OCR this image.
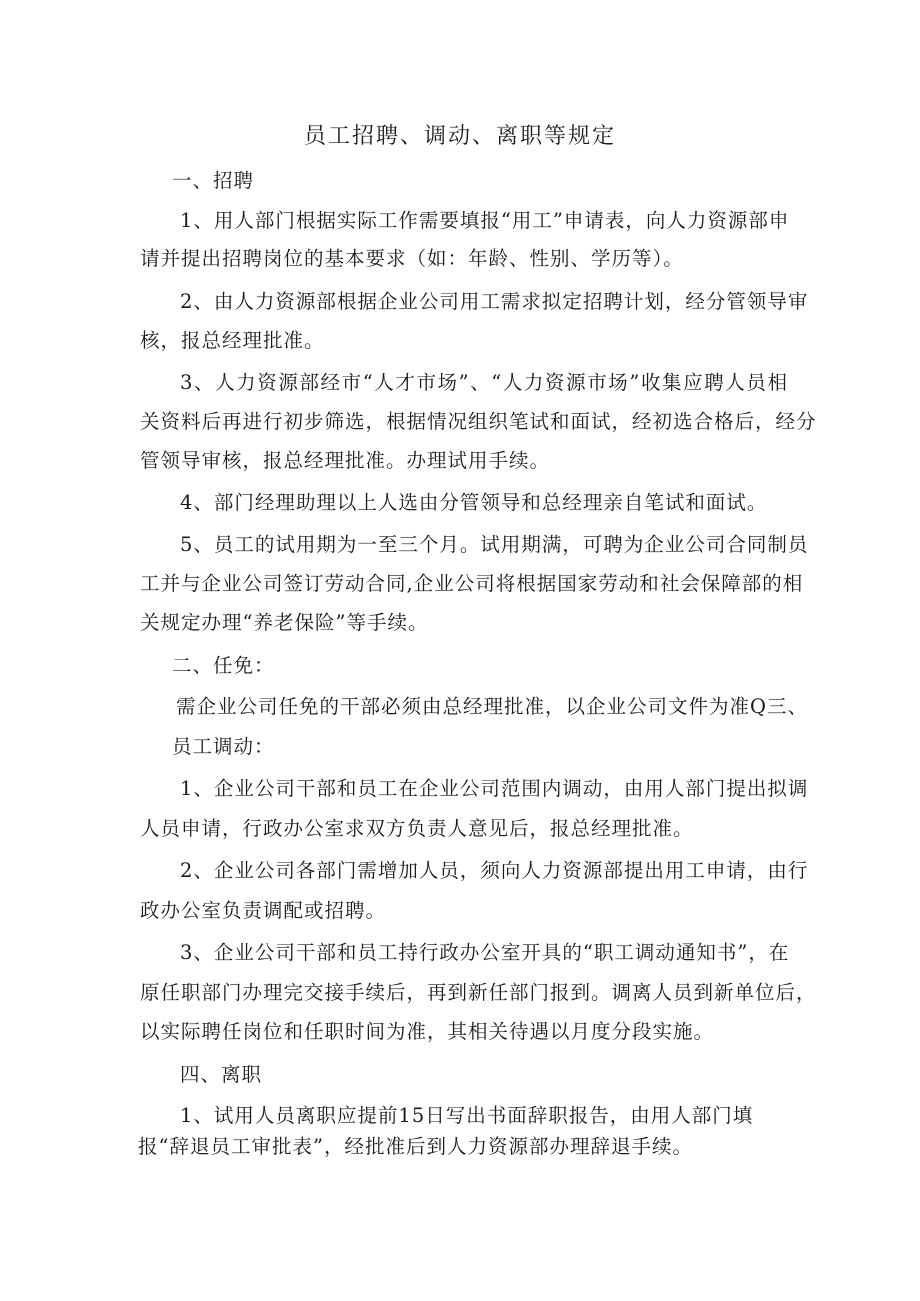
员工招聘、调动、离职等规定
一、招聘
1、用人部门根据实际工作需要填报“用工”申请表，向人力资源部申
请并提出招聘岗位的基本要求（如：年龄、性别、学历等）。
2、由人力资源部根据企业公司用工需求拟定招聘计划，经分管领导审
核，报总经理批准。
3、人力资源部经市“人才市场”、“人力资源市场”收集应聘人员相
关资料后再进行初步筛选，根据情况组织笔试和面试，经初选合格后，经分
管领导审核，报总经理批准。办理试用手续。
4、部门经理助理以上人选由分管领导和总经理亲自笔试和面试。
5、员工的试用期为一至三个月。试用期满，可聘为企业公司合同制员
工并与企业公司签订劳动合同,企业公司将根据国家劳动和社会保障部的相
关规定办理“养老保险”等手续。
二、任免：
需企业公司任免的干部必须由总经理批准，以企业公司文件为准Q三、
员工调动：
1、企业公司干部和员工在企业公司范围内调动，由用人部门提出拟调
人员申请，行政办公室求双方负责人意见后，报总经理批准。
2、企业公司各部门需增加人员，须向人力资源部提出用工申请，由行
政办公室负责调配或招聘。
3、企业公司干部和员工持行政办公室开具的“职工调动通知书”，在
原任职部门办理完交接手续后，再到新任部门报到。调离人员到新单位后，
以实际聘任岗位和任职时间为准，其相关待遇以月度分段实施。
四、离职
1、试用人员离职应提前15日写出书面辞职报告，由用人部门填
报“辞退员工审批表”，经批准后到人力资源部办理辞退手续。
